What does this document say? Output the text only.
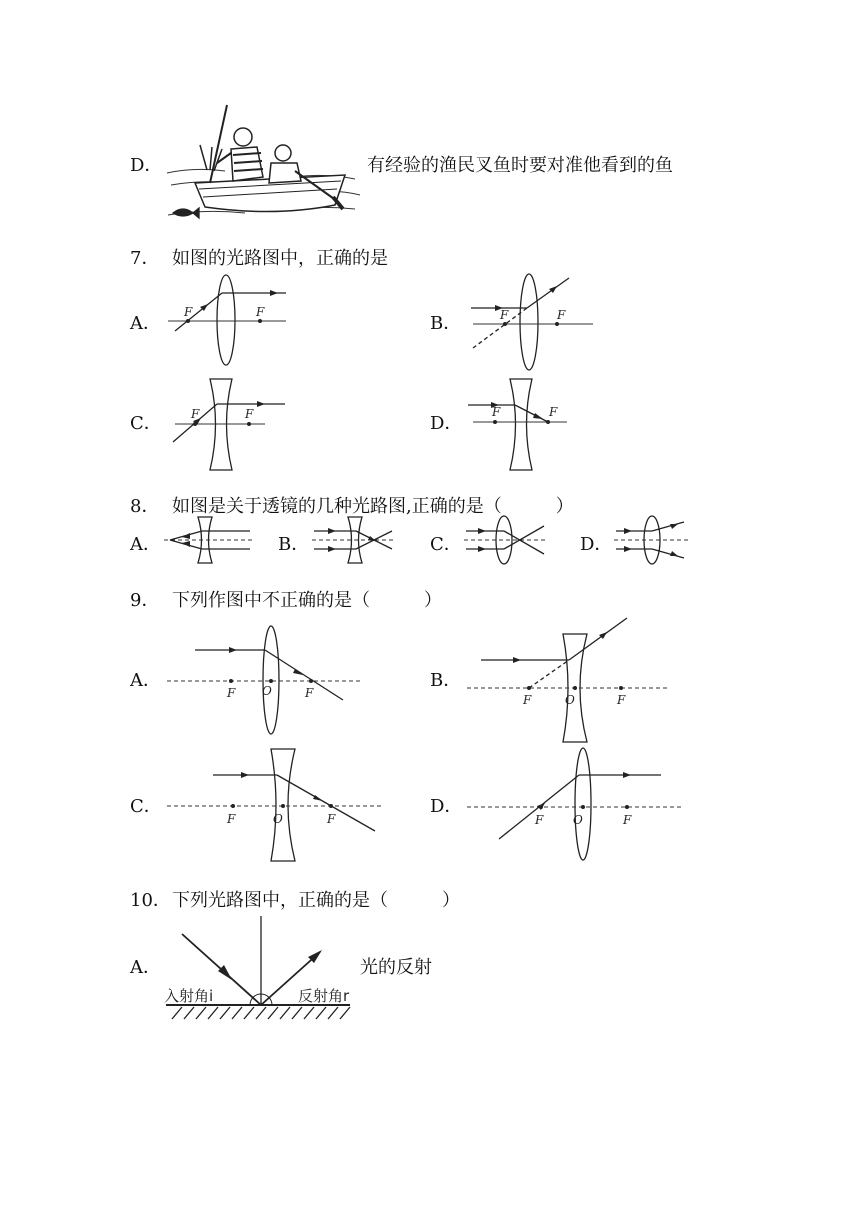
D．	有经验的渔民叉鱼时要对准他看到的鱼
7． 如图的光路图中，正确的是
A．
F	F
B．	F	F
C． F	F	D．
F	F
8． 如图是关于透镜的几种光路图,正确的是（　　　）
A．	B．	C．	D．
9． 下列作图中不正确的是（　　　）
A．
F O	F
B．
F	O	F
C．
F	O	F
D．
F O	F
10． 下列光路图中，正确的是（　　　）
A．
入射角i	反射角r
光的反射
